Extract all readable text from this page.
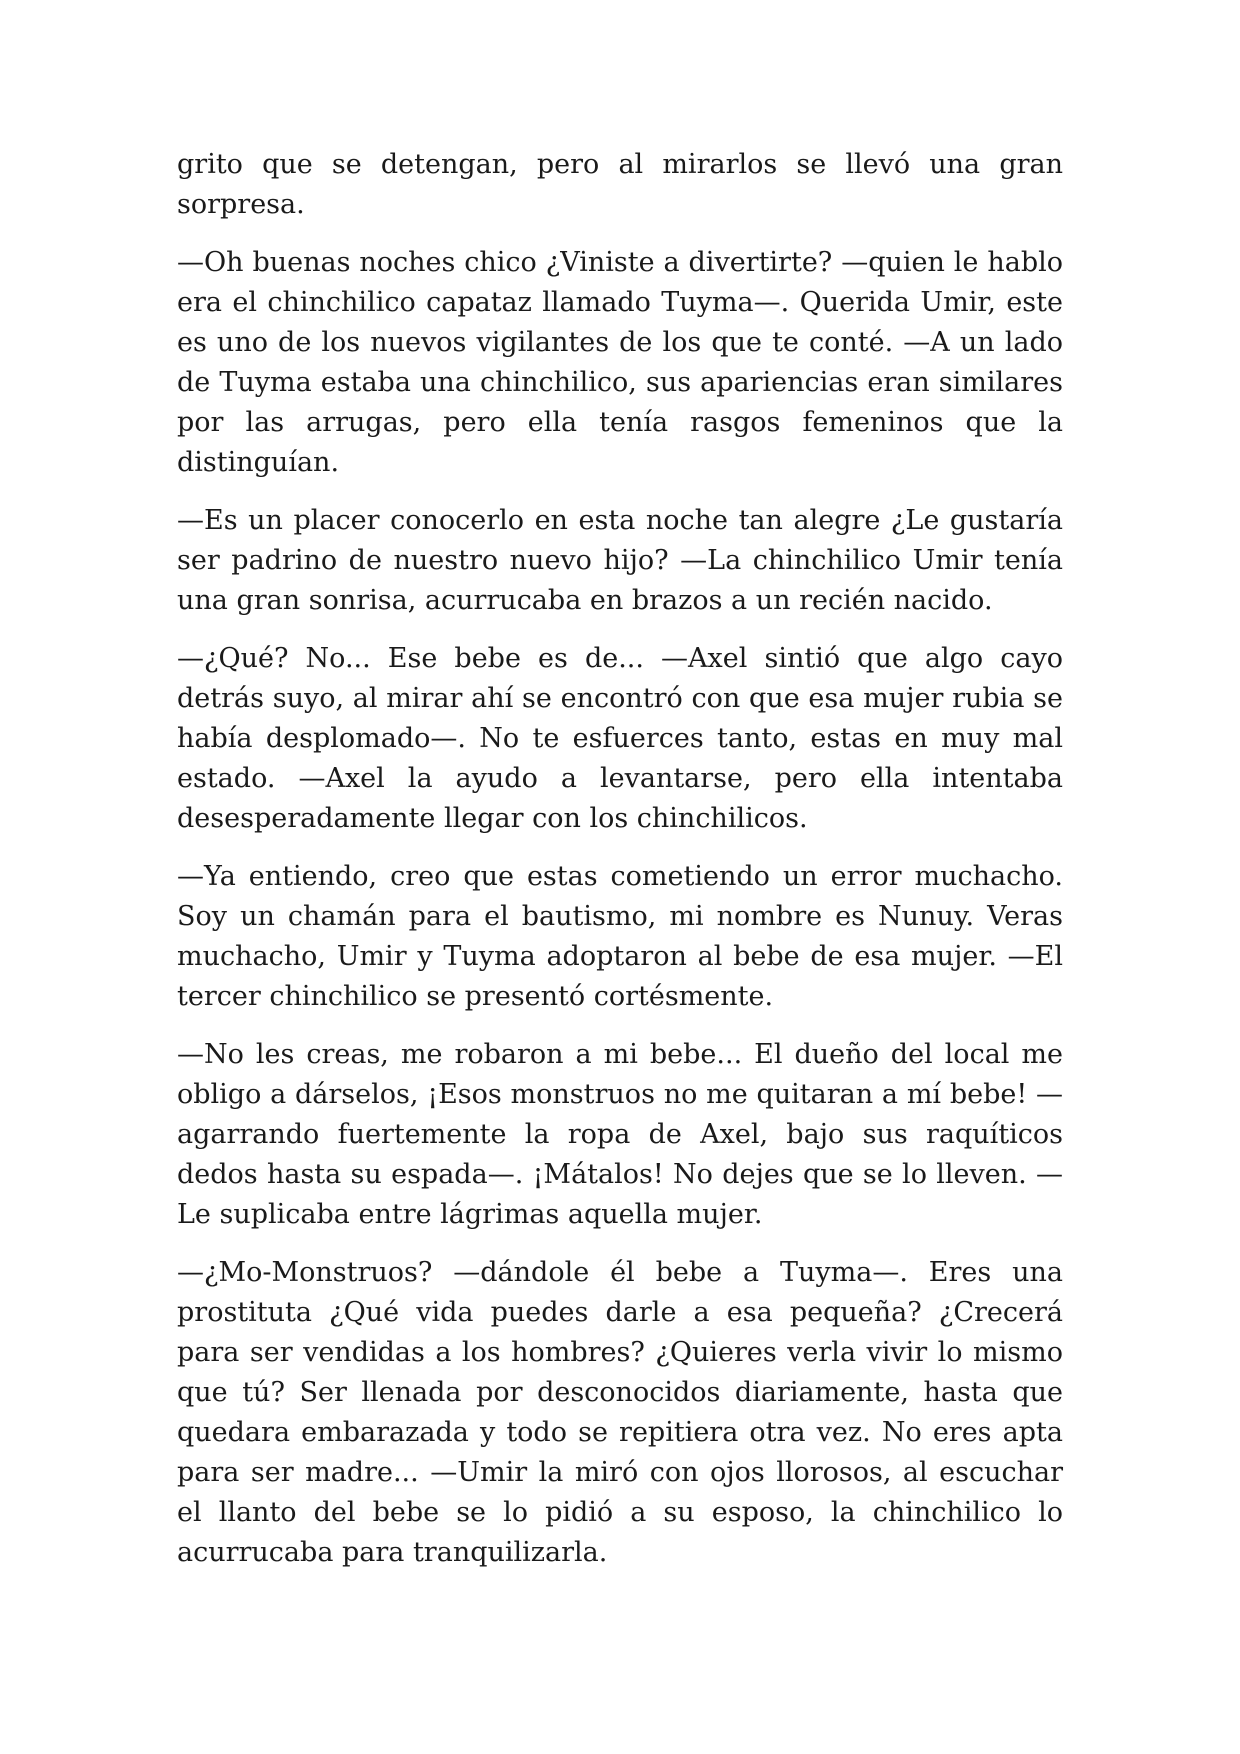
grito que se detengan, pero al mirarlos se llevó una gran sorpresa.

—Oh buenas noches chico ¿Viniste a divertirte? —quien le hablo era el chinchilico capataz llamado Tuyma—. Querida Umir, este es uno de los nuevos vigilantes de los que te conté. —A un lado de Tuyma estaba una chinchilico, sus apariencias eran similares por las arrugas, pero ella tenía rasgos femeninos que la distinguían.

—Es un placer conocerlo en esta noche tan alegre ¿Le gustaría ser padrino de nuestro nuevo hijo? —La chinchilico Umir tenía una gran sonrisa, acurrucaba en brazos a un recién nacido.

—¿Qué? No... Ese bebe es de... —Axel sintió que algo cayo detrás suyo, al mirar ahí se encontró con que esa mujer rubia se había desplomado—. No te esfuerces tanto, estas en muy mal estado. —Axel la ayudo a levantarse, pero ella intentaba desesperadamente llegar con los chinchilicos.

—Ya entiendo, creo que estas cometiendo un error muchacho. Soy un chamán para el bautismo, mi nombre es Nunuy. Veras muchacho, Umir y Tuyma adoptaron al bebe de esa mujer. —El tercer chinchilico se presentó cortésmente.

—No les creas, me robaron a mi bebe... El dueño del local me obligo a dárselos, ¡Esos monstruos no me quitaran a mí bebe! —agarrando fuertemente la ropa de Axel, bajo sus raquíticos dedos hasta su espada—. ¡Mátalos! No dejes que se lo lleven. —Le suplicaba entre lágrimas aquella mujer.

—¿Mo-Monstruos? —dándole él bebe a Tuyma—. Eres una prostituta ¿Qué vida puedes darle a esa pequeña? ¿Crecerá para ser vendidas a los hombres? ¿Quieres verla vivir lo mismo que tú? Ser llenada por desconocidos diariamente, hasta que quedara embarazada y todo se repitiera otra vez. No eres apta para ser madre... —Umir la miró con ojos llorosos, al escuchar el llanto del bebe se lo pidió a su esposo, la chinchilico lo acurrucaba para tranquilizarla.
